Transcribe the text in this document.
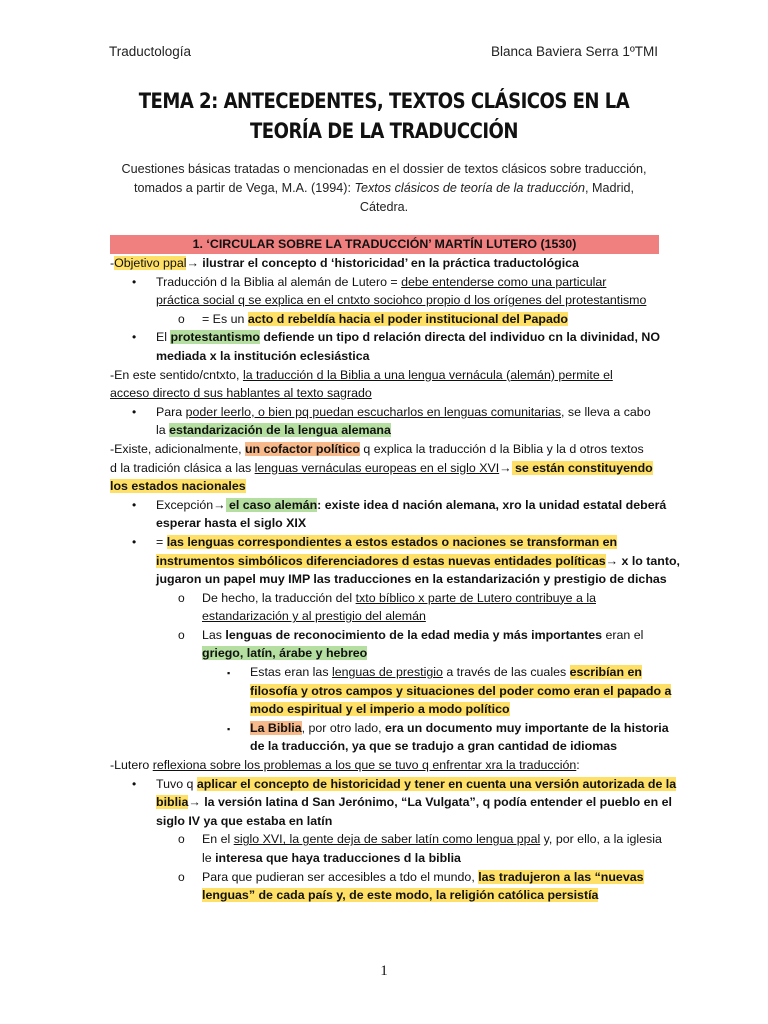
Traductología	Blanca Baviera Serra 1ºTMI
TEMA 2: ANTECEDENTES, TEXTOS CLÁSICOS EN LA
TEORÍA DE LA TRADUCCIÓN
Cuestiones básicas tratadas o mencionadas en el dossier de textos clásicos sobre traducción,
tomados a partir de Vega, M.A. (1994): Textos clásicos de teoría de la traducción, Madrid,
Cátedra.
1. ‘CIRCULAR SOBRE LA TRADUCCIÓN’ MARTÍN LUTERO (1530)
-Objetivo ppal→ ilustrar el concepto d ‘historicidad’ en la práctica traductológica
• Traducción d la Biblia al alemán de Lutero = debe entenderse como una particular
práctica social q se explica en el cntxto sociohco propio d los orígenes del protestantismo
o = Es un acto d rebeldía hacia el poder institucional del Papado
• El protestantismo defiende un tipo d relación directa del individuo cn la divinidad, NO
mediada x la institución eclesiástica
-En este sentido/cntxto, la traducción d la Biblia a una lengua vernácula (alemán) permite el
acceso directo d sus hablantes al texto sagrado
• Para poder leerlo, o bien pq puedan escucharlos en lenguas comunitarias, se lleva a cabo
la estandarización de la lengua alemana
-Existe, adicionalmente, un cofactor político q explica la traducción d la Biblia y la d otros textos
d la tradición clásica a las lenguas vernáculas europeas en el siglo XVI→ se están constituyendo
los estados nacionales
• Excepción→ el caso alemán: existe idea d nación alemana, xro la unidad estatal deberá
esperar hasta el siglo XIX
• = las lenguas correspondientes a estos estados o naciones se transforman en
instrumentos simbólicos diferenciadores d estas nuevas entidades políticas→ x lo tanto,
jugaron un papel muy IMP las traducciones en la estandarización y prestigio de dichas
o De hecho, la traducción del txto bíblico x parte de Lutero contribuye a la
estandarización y al prestigio del alemán
o Las lenguas de reconocimiento de la edad media y más importantes eran el
griego, latín, árabe y hebreo
▪ Estas eran las lenguas de prestigio a través de las cuales escribían en
filosofía y otros campos y situaciones del poder como eran el papado a
modo espiritual y el imperio a modo político
▪ La Biblia, por otro lado, era un documento muy importante de la historia
de la traducción, ya que se tradujo a gran cantidad de idiomas
-Lutero reflexiona sobre los problemas a los que se tuvo q enfrentar xra la traducción:
• Tuvo q aplicar el concepto de historicidad y tener en cuenta una versión autorizada de la
biblia→ la versión latina d San Jerónimo, “La Vulgata”, q podía entender el pueblo en el
siglo IV ya que estaba en latín
o En el siglo XVI, la gente deja de saber latín como lengua ppal y, por ello, a la iglesia
le interesa que haya traducciones d la biblia
o Para que pudieran ser accesibles a tdo el mundo, las tradujeron a las “nuevas
lenguas” de cada país y, de este modo, la religión católica persistía
1
